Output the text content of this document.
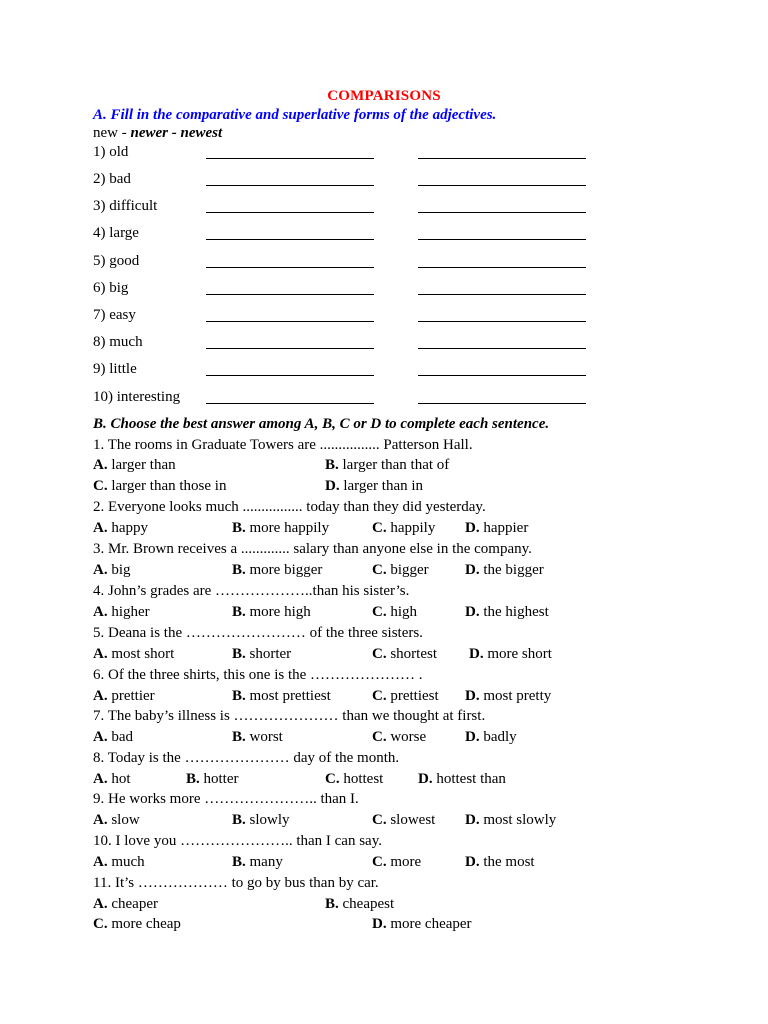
COMPARISONS
A. Fill in the comparative and superlative forms of the adjectives.
new - newer - newest
1) old
2) bad
3) difficult
4) large
5) good
6) big
7) easy
8) much
9) little
10) interesting
B. Choose the best answer among A, B, C or D to complete each sentence.
1. The rooms in Graduate Towers are ................ Patterson Hall.
A. larger than	B. larger than that of
C. larger than those in	D. larger than in
2. Everyone looks much ................ today than they did yesterday.
A. happy	B. more happily	C. happily D. happier
3. Mr. Brown receives a ............. salary than anyone else in the company.
A. big	B. more bigger	C. bigger D. the bigger
4. John’s grades are ………………..than his sister’s.
A. higher	B. more high	C. high	D. the highest
5. Deana is the …………………… of the three sisters.
A. most short	B. shorter	C. shortest D. more short
6. Of the three shirts, this one is the ………………… .
A. prettier	B. most prettiest	C. prettiest D. most pretty
7. The baby’s illness is ………………… than we thought at first.
A. bad	B. worst	C. worse	D. badly
8. Today is the ………………… day of the month.
A. hot	B. hotter	C. hottest D. hottest than
9. He works more ………………….. than I.
A. slow	B. slowly	C. slowest D. most slowly
10. I love you ………………….. than I can say.
A. much	B. many	C. more	D. the most
11. It’s ……………… to go by bus than by car.
A. cheaper	B. cheapest
C. more cheap	D. more cheaper
